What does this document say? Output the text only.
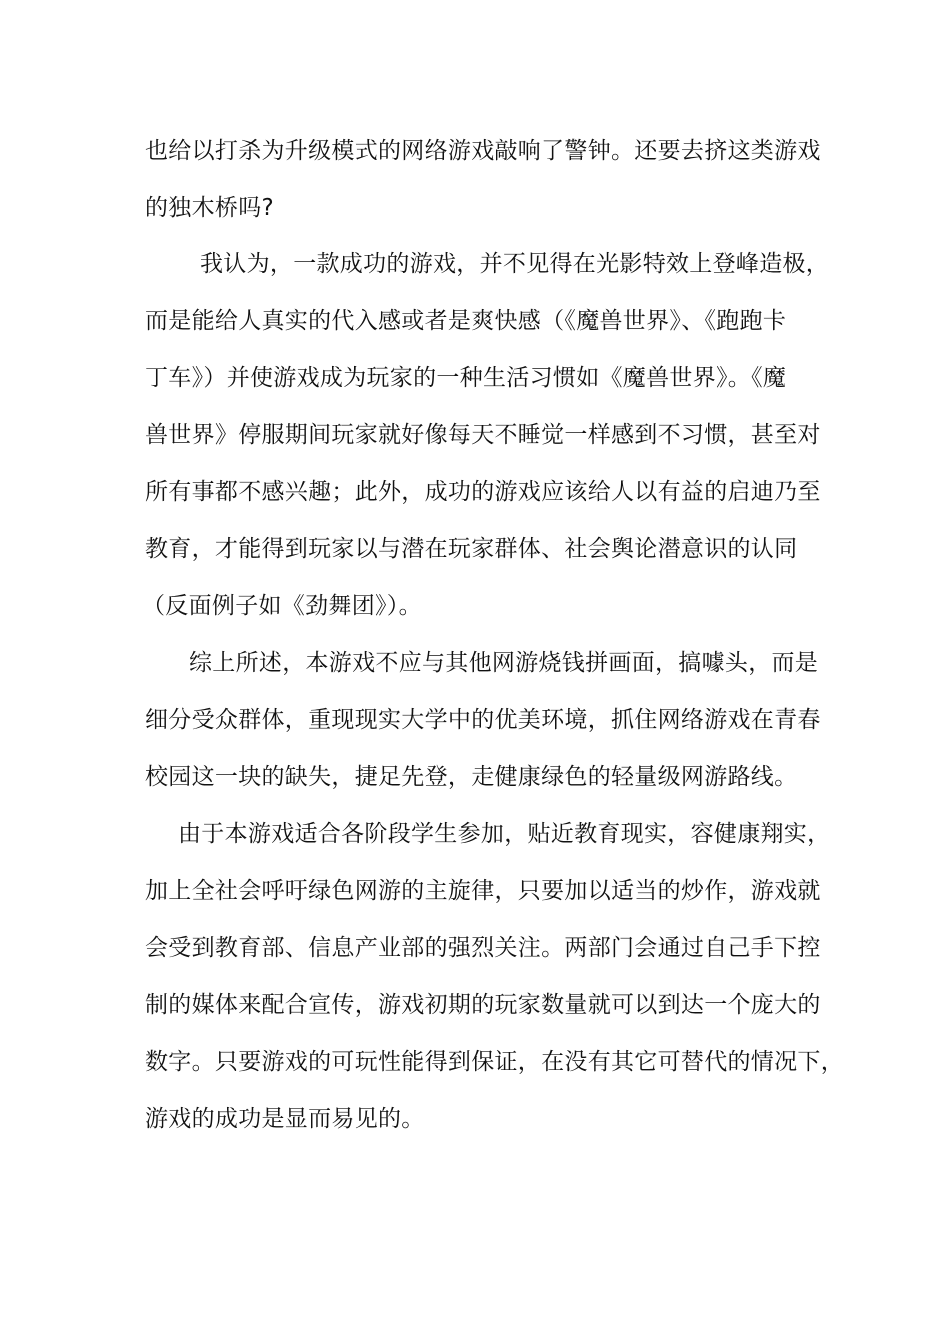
也给以打杀为升级模式的网络游戏敲响了警钟。还要去挤这类游戏
的独木桥吗?
我认为，一款成功的游戏，并不见得在光影特效上登峰造极，
而是能给人真实的代入感或者是爽快感（《魔兽世界》、《跑跑卡
丁车》）并使游戏成为玩家的一种生活习惯如《魔兽世界》。《魔
兽世界》停服期间玩家就好像每天不睡觉一样感到不习惯，甚至对
所有事都不感兴趣；此外，成功的游戏应该给人以有益的启迪乃至
教育，才能得到玩家以与潜在玩家群体、社会舆论潜意识的认同
（反面例子如《劲舞团》）。
综上所述，本游戏不应与其他网游烧钱拼画面，搞噱头，而是
细分受众群体，重现现实大学中的优美环境，抓住网络游戏在青春
校园这一块的缺失，捷足先登，走健康绿色的轻量级网游路线。
由于本游戏适合各阶段学生参加，贴近教育现实，容健康翔实，
加上全社会呼吁绿色网游的主旋律，只要加以适当的炒作，游戏就
会受到教育部、信息产业部的强烈关注。两部门会通过自己手下控
制的媒体来配合宣传，游戏初期的玩家数量就可以到达一个庞大的
数字。只要游戏的可玩性能得到保证，在没有其它可替代的情况下，
游戏的成功是显而易见的。
